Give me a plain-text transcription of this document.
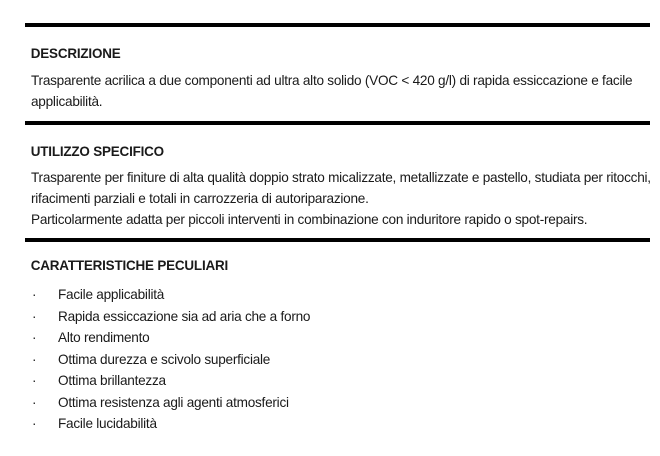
DESCRIZIONE

Trasparente acrilica a due componenti ad ultra alto solido (VOC < 420 g/l) di rapida essiccazione e facile applicabilità.

UTILIZZO SPECIFICO

Trasparente per finiture di alta qualità doppio strato micalizzate, metallizzate e pastello, studiata per ritocchi,

rifacimenti parziali e totali in carrozzeria di autoriparazione.

Particolarmente adatta per piccoli interventi in combinazione con induritore rapido o spot-repairs.

CARATTERISTICHE PECULIARI
· Facile applicabilità
· Rapida essiccazione sia ad aria che a forno
· Alto rendimento
· Ottima durezza e scivolo superficiale
· Ottima brillantezza
· Ottima resistenza agli agenti atmosferici
· Facile lucidabilità
